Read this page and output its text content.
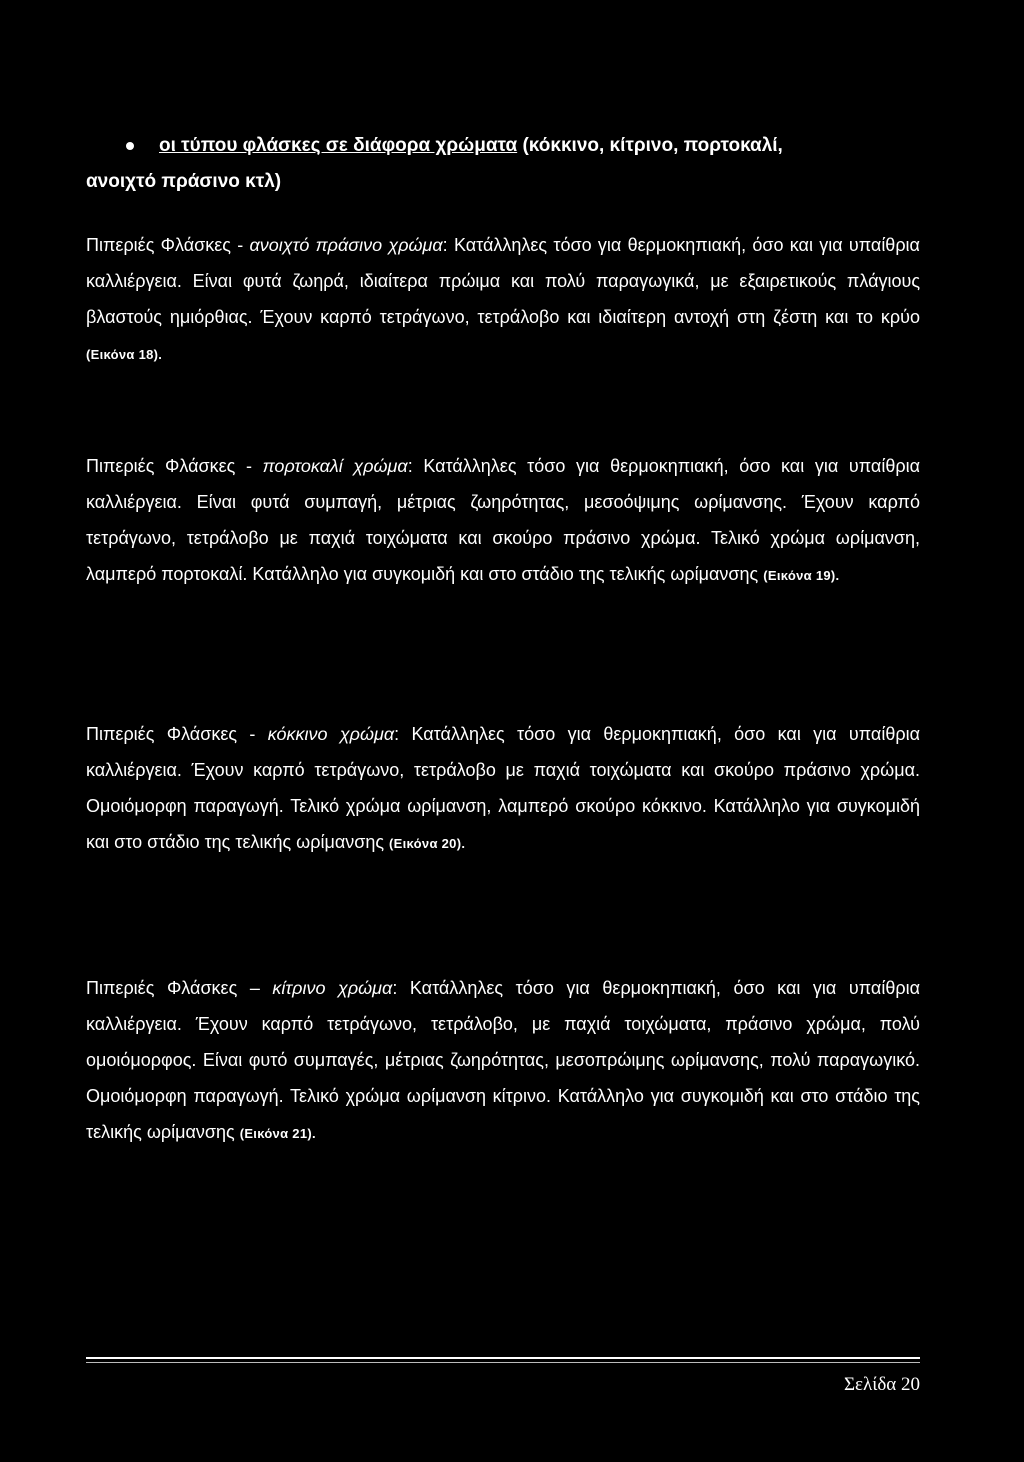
οι τύπου φλάσκες σε διάφορα χρώματα (κόκκινο, κίτρινο, πορτοκαλί,
ανοιχτό πράσινο κτλ)
Πιπεριές Φλάσκες - ανοιχτό πράσινο χρώμα: Κατάλληλες τόσο για θερμοκηπιακή, όσο και για υπαίθρια καλλιέργεια. Είναι φυτά ζωηρά, ιδιαίτερα πρώιμα και πολύ παραγωγικά, με εξαιρετικούς πλάγιους βλαστούς ημιόρθιας. Έχουν καρπό τετράγωνο, τετράλοβο και ιδιαίτερη αντοχή στη ζέστη και το κρύο (Εικόνα 18).
Πιπεριές Φλάσκες - πορτοκαλί χρώμα: Κατάλληλες τόσο για θερμοκηπιακή, όσο και για υπαίθρια καλλιέργεια. Είναι φυτά συμπαγή, μέτριας ζωηρότητας, μεσοόψιμης ωρίμανσης. Έχουν καρπό τετράγωνο, τετράλοβο με παχιά τοιχώματα και σκούρο πράσινο χρώμα. Τελικό χρώμα ωρίμανση, λαμπερό πορτοκαλί. Κατάλληλο για συγκομιδή και στο στάδιο της τελικής ωρίμανσης (Εικόνα 19).
Πιπεριές Φλάσκες - κόκκινο χρώμα: Κατάλληλες τόσο για θερμοκηπιακή, όσο και για υπαίθρια καλλιέργεια. Έχουν καρπό τετράγωνο, τετράλοβο με παχιά τοιχώματα και σκούρο πράσινο χρώμα. Ομοιόμορφη παραγωγή. Τελικό χρώμα ωρίμανση, λαμπερό σκούρο κόκκινο. Κατάλληλο για συγκομιδή και στο στάδιο της τελικής ωρίμανσης (Εικόνα 20).
Πιπεριές Φλάσκες – κίτρινο χρώμα: Κατάλληλες τόσο για θερμοκηπιακή, όσο και για υπαίθρια καλλιέργεια. Έχουν καρπό τετράγωνο, τετράλοβο, με παχιά τοιχώματα, πράσινο χρώμα, πολύ ομοιόμορφος. Είναι φυτό συμπαγές, μέτριας ζωηρότητας, μεσοπρώιμης ωρίμανσης, πολύ παραγωγικό. Ομοιόμορφη παραγωγή. Τελικό χρώμα ωρίμανση κίτρινο. Κατάλληλο για συγκομιδή και στο στάδιο της τελικής ωρίμανσης (Εικόνα 21).
Σελίδα 20
